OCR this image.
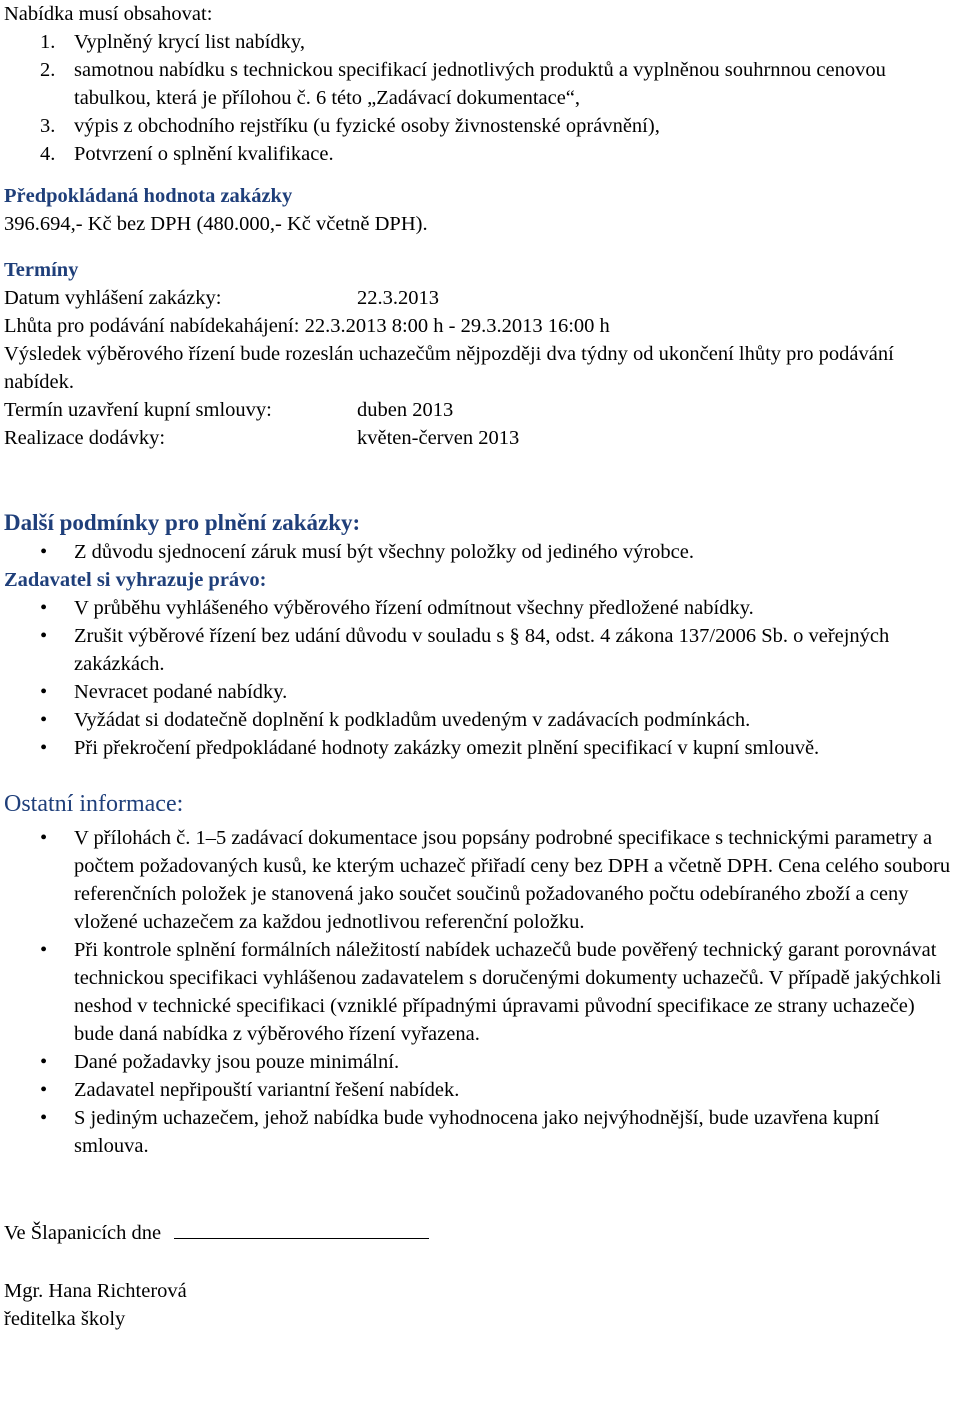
Nabídka musí obsahovat:

1. Vyplněný krycí list nabídky,
2. samotnou nabídku s technickou specifikací jednotlivých produktů a vyplněnou souhrnnou cenovou tabulkou, která je přílohou č. 6 této „Zadávací dokumentace“,
3. výpis z obchodního rejstříku (u fyzické osoby živnostenské oprávnění),
4. Potvrzení o splnění kvalifikace.

Předpokládaná hodnota zakázky

396.694,- Kč bez DPH (480.000,- Kč včetně DPH).

Termíny

Datum vyhlášení zakázky:	22.3.2013
Lhůta pro podávání nabídekahájení: 22.3.2013 8:00 h - 29.3.2013 16:00 h

Výsledek výběrového řízení bude rozeslán uchazečům nějpozději dva týdny od ukončení lhůty pro podávání nabídek.

Termín uzavření kupní smlouvy:	duben 2013
Realizace dodávky:	květen-červen 2013

Další podmínky pro plnění zakázky:

• Z důvodu sjednocení záruk musí být všechny položky od jediného výrobce.

Zadavatel si vyhrazuje právo:

• V průběhu vyhlášeného výběrového řízení odmítnout všechny předložené nabídky.
• Zrušit výběrové řízení bez udání důvodu v souladu s § 84, odst. 4 zákona 137/2006 Sb. o veřejných zakázkách.
• Nevracet podané nabídky.
• Vyžádat si dodatečně doplnění k podkladům uvedeným v zadávacích podmínkách.
• Při překročení předpokládané hodnoty zakázky omezit plnění specifikací v kupní smlouvě.

Ostatní informace:

• V přílohách č. 1–5 zadávací dokumentace jsou popsány podrobné specifikace s technickými parametry a počtem požadovaných kusů, ke kterým uchazeč přiřadí ceny bez DPH a včetně DPH. Cena celého souboru referenčních položek je stanovená jako součet součinů požadovaného počtu odebíraného zboží a ceny vložené uchazečem za každou jednotlivou referenční položku.
• Při kontrole splnění formálních náležitostí nabídek uchazečů bude pověřený technický garant porovnávat technickou specifikaci vyhlášenou zadavatelem s doručenými dokumenty uchazečů. V případě jakýchkoli neshod v technické specifikaci (vzniklé případnými úpravami původní specifikace ze strany uchazeče) bude daná nabídka z výběrového řízení vyřazena.
• Dané požadavky jsou pouze minimální.
• Zadavatel nepřipouští variantní řešení nabídek.
• S jediným uchazečem, jehož nabídka bude vyhodnocena jako nejvýhodnější, bude uzavřena kupní smlouva.

Ve Šlapanicích dne

Mgr. Hana Richterová

ředitelka školy
